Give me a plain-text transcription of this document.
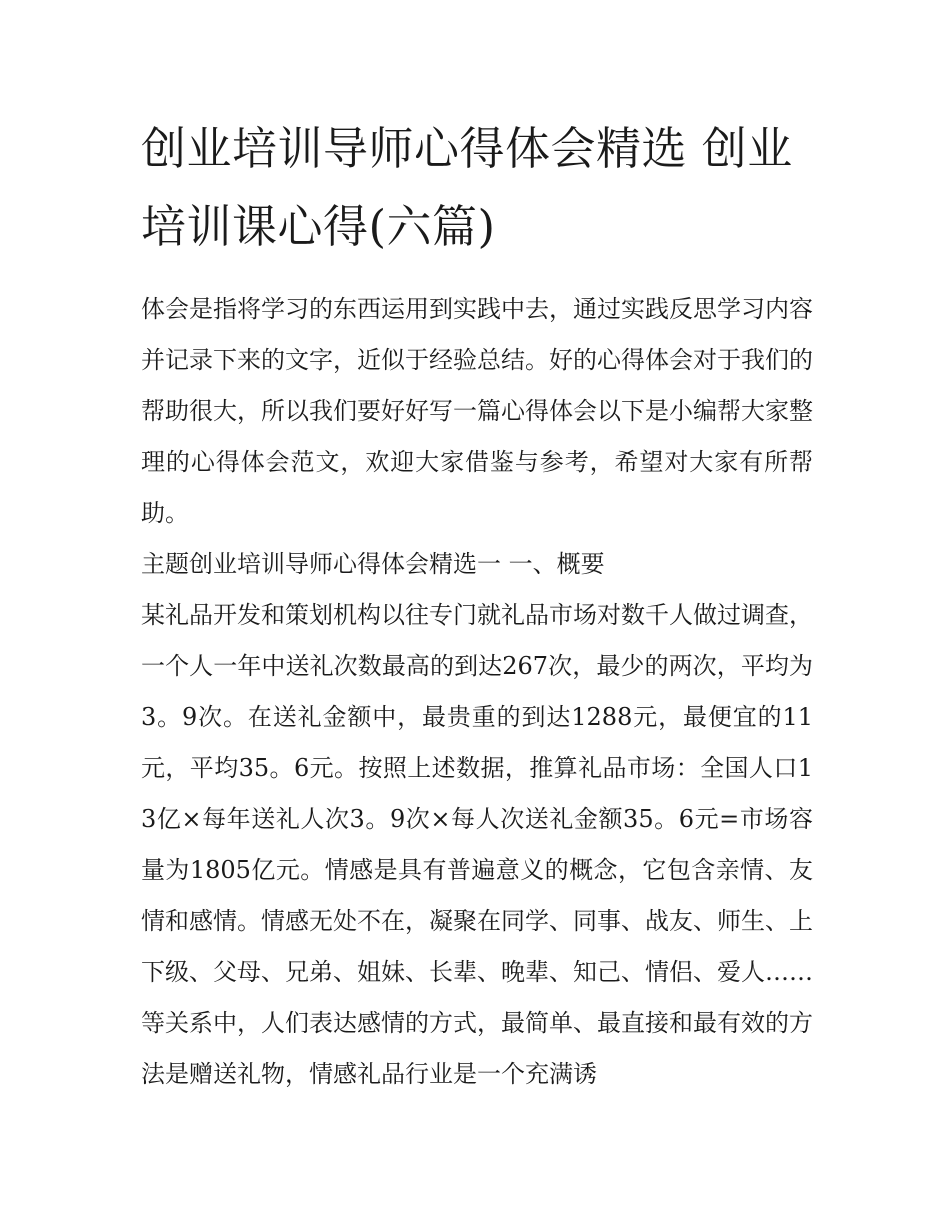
创业培训导师心得体会精选 创业培训课心得(六篇)

体会是指将学习的东西运用到实践中去，通过实践反思学习内容并记录下来的文字，近似于经验总结。好的心得体会对于我们的帮助很大，所以我们要好好写一篇心得体会以下是小编帮大家整理的心得体会范文，欢迎大家借鉴与参考，希望对大家有所帮助。

主题创业培训导师心得体会精选一 一、概要

某礼品开发和策划机构以往专门就礼品市场对数千人做过调查，一个人一年中送礼次数最高的到达267次，最少的两次，平均为3。9次。在送礼金额中，最贵重的到达1288元，最便宜的11元，平均35。6元。按照上述数据，推算礼品市场：全国人口13亿×每年送礼人次3。9次×每人次送礼金额35。6元=市场容量为1805亿元。情感是具有普遍意义的概念，它包含亲情、友情和感情。情感无处不在，凝聚在同学、同事、战友、师生、上下级、父母、兄弟、姐妹、长辈、晚辈、知己、情侣、爱人……等关系中，人们表达感情的方式，最简单、最直接和最有效的方法是赠送礼物，情感礼品行业是一个充满诱
